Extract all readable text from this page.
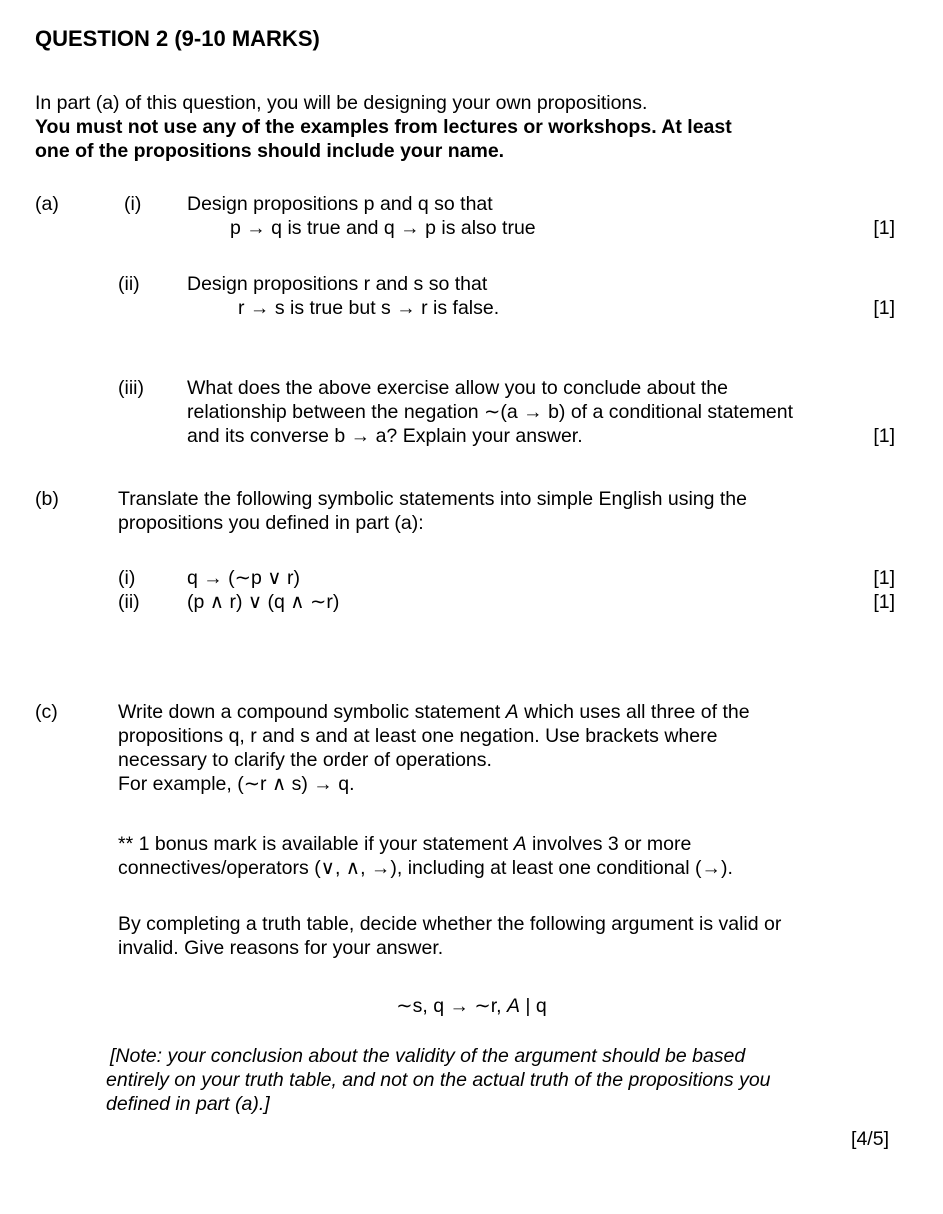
QUESTION 2 (9-10 MARKS)
In part (a) of this question, you will be designing your own propositions.
You must not use any of the examples from lectures or workshops. At least
one of the propositions should include your name.
(a)	(i) Design propositions p and q so that
p → q is true and q → p is also true	[1]
(ii) Design propositions r and s so that
r → s is true but s → r is false.	[1]
(iii) What does the above exercise allow you to conclude about the
relationship between the negation ∼(a → b) of a conditional statement
and its converse b → a? Explain your answer.	[1]
(b)	Translate the following symbolic statements into simple English using the
propositions you defined in part (a):
(i)	q → (∼p ∨ r)	[1]
(ii) (p ∧ r) ∨ (q ∧ ∼r)	[1]
(c)	Write down a compound symbolic statement A which uses all three of the
propositions q, r and s and at least one negation. Use brackets where
necessary to clarify the order of operations.
For example, (∼r ∧ s) → q.
** 1 bonus mark is available if your statement A involves 3 or more
connectives/operators (∨, ∧, →), including at least one conditional (→).
By completing a truth table, decide whether the following argument is valid or
invalid. Give reasons for your answer.
∼s, q → ∼r, A | q
[Note: your conclusion about the validity of the argument should be based
entirely on your truth table, and not on the actual truth of the propositions you
defined in part (a).]
[4/5]
